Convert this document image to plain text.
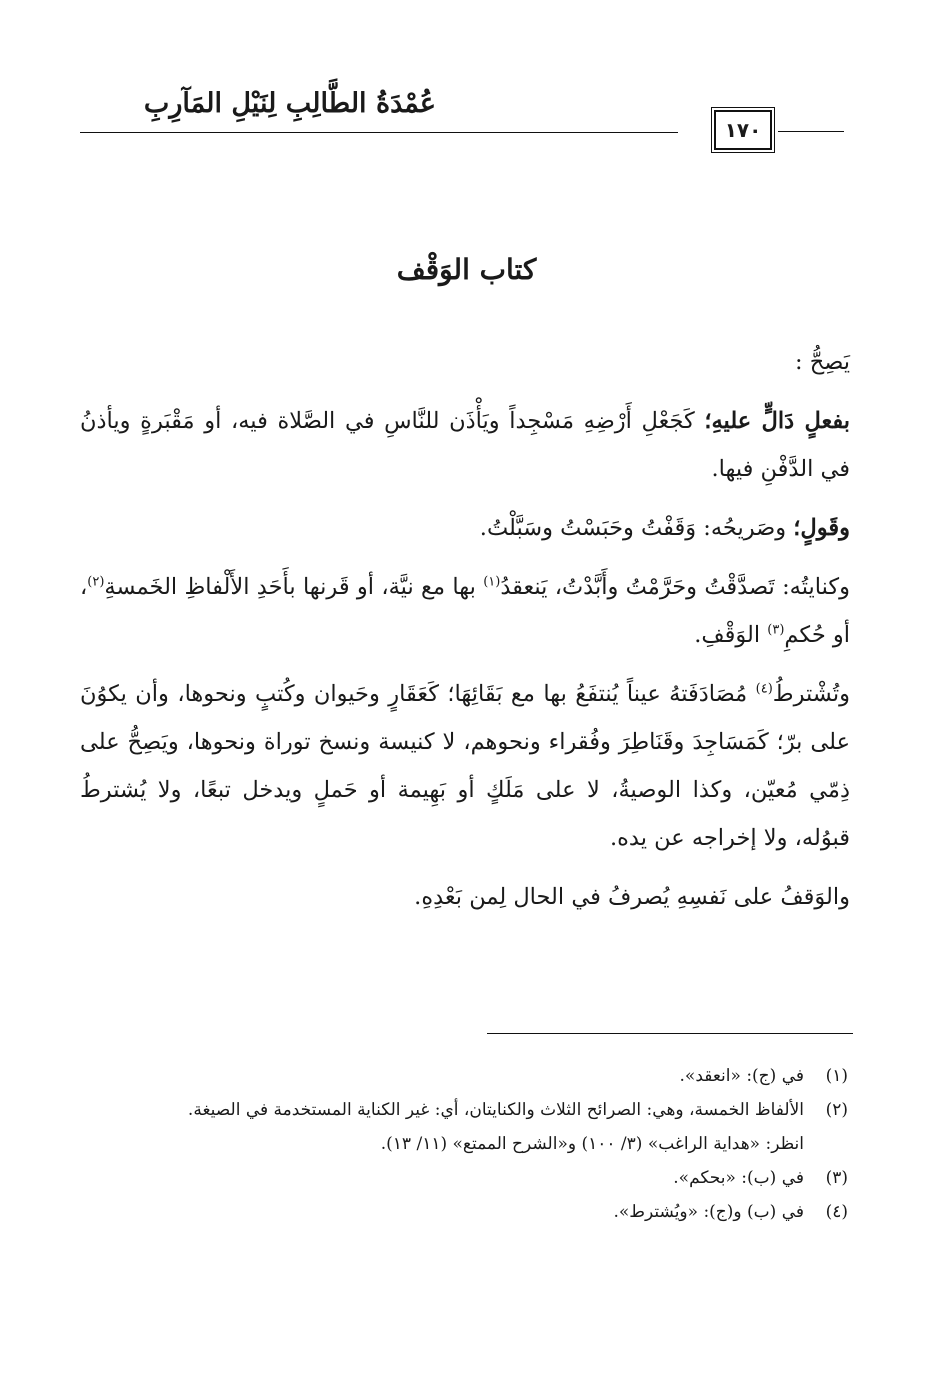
عُمْدَةُ الطَّالِبِ لِنَيْلِ المَآرِبِ
١٧٠
كتاب الوَقْف

يَصِحُّ :

بفعلٍ دَالٍّ عليهِ؛ كَجَعْلِ أَرْضِهِ مَسْجِداً ويَأْذَن للنَّاسِ في الصَّلاة فيه، أو مَقْبَرةٍ ويأذنُ في الدَّفْنِ فيها.

وقَولٍ؛ وصَريحُه: وَقَفْتُ وحَبَسْتُ وسَبَّلْتُ.

وكنايتُه: تَصدَّقْتُ وحَرَّمْتُ وأَبَّدْتُ، يَنعقدُ$^{(١)}$ بها مع نيَّة، أو قَرنها بأَحَدِ الأَلْفاظِ الخَمسةِ$^{(٢)}$، أو حُكمِ$^{(٣)}$ الوَقْفِ.

وتُشْترطُ$^{(٤)}$ مُصَادَفَتهُ عيناً يُنتفَعُ بها مع بَقَائِهَا؛ كَعَقَارٍ وحَيوان وكُتبٍ ونحوها، وأن يكوُنَ على برّ؛ كَمَسَاجِدَ وقَنَاطِرَ وفُقراء ونحوهم، لا كنيسة ونسخ توراة ونحوها، ويَصِحُّ على ذِمّي مُعيّن، وكذا الوصيةُ، لا على مَلَكٍ أو بَهِيمة أو حَملٍ ويدخل تبعًا، ولا يُشترطُ قبوُله، ولا إخراجه عن يده.

والوَقفُ على نَفسِهِ يُصرفُ في الحال لِمن بَعْدِهِ.

(١)
في (ج): «انعقد».
(٢)
الألفاظ الخمسة، وهي: الصرائح الثلاث والكنايتان، أي: غير الكناية المستخدمة في الصيغة.
انظر: «هداية الراغب» (٣/ ١٠٠) و«الشرح الممتع» (١١/ ١٣).
(٣)
في (ب): «بحكم».
(٤)
في (ب) و(ج): «ويُشترط».
